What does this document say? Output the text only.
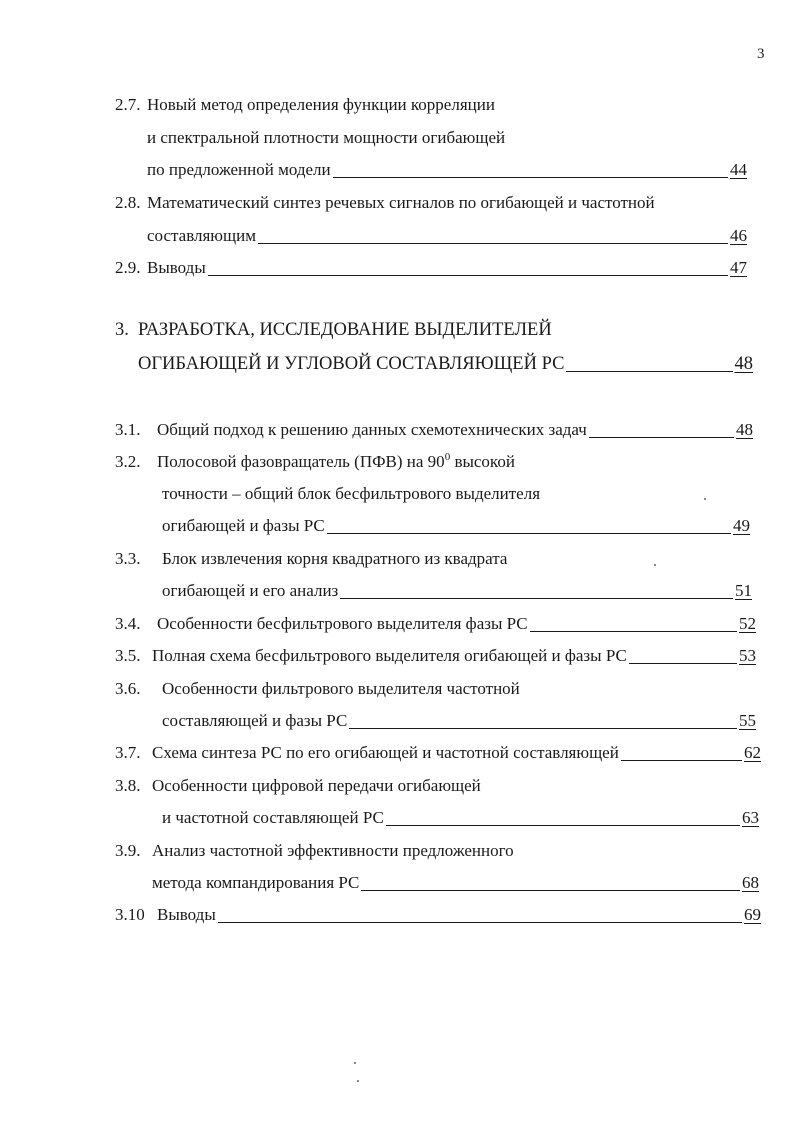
3
2.7. Новый метод определения функции корреляции
и спектральной плотности мощности огибающей
по предложенной модели	44
2.8. Математический синтез речевых сигналов по огибающей и частотной
составляющим	46
2.9. Выводы	47
3. РАЗРАБОТКА, ИССЛЕДОВАНИЕ ВЫДЕЛИТЕЛЕЙ
ОГИБАЮЩЕЙ И УГЛОВОЙ СОСТАВЛЯЮЩЕЙ РС	48
3.1. Общий подход к решению данных схемотехнических задач	48
3.2. Полосовой фазовращатель (ПФВ) на $90^0$ высокой
точности – общий блок бесфильтрового выделителя
огибающей и фазы РС	49
3.3. Блок извлечения корня квадратного из квадрата
огибающей и его анализ	51
3.4. Особенности бесфильтрового выделителя фазы РС	52
3.5. Полная схема бесфильтрового выделителя огибающей и фазы РС	53
3.6. Особенности фильтрового выделителя частотной
составляющей и фазы РС	55
3.7. Схема синтеза РС по его огибающей и частотной составляющей	62
3.8. Особенности цифровой передачи огибающей
и частотной составляющей РС	63
3.9. Анализ частотной эффективности предложенного
метода компандирования РС	68
3.10 Выводы	69
